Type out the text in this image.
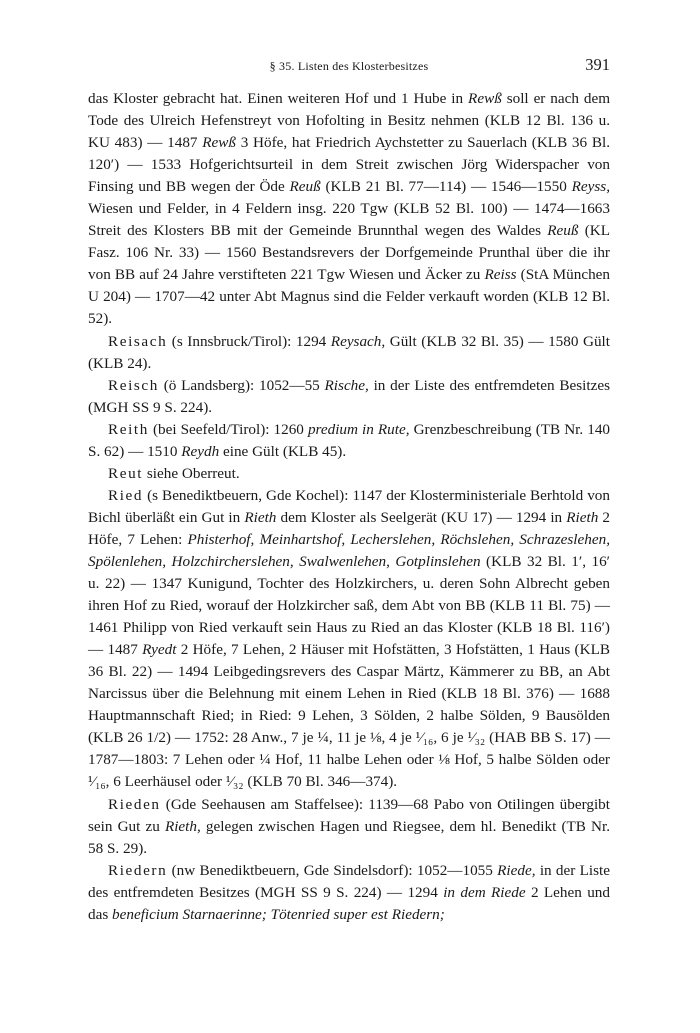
§ 35. Listen des Klosterbesitzes	391

das Kloster gebracht hat. Einen weiteren Hof und 1 Hube in Rewß soll er nach dem Tode des Ulreich Hefenstreyt von Hofolting in Besitz nehmen (KLB 12 Bl. 136 u. KU 483) — 1487 Rewß 3 Höfe, hat Friedrich Aychstetter zu Sauerlach (KLB 36 Bl. 120′) — 1533 Hofgerichtsurteil in dem Streit zwischen Jörg Widerspacher von Finsing und BB wegen der Öde Reuß (KLB 21 Bl. 77—114) — 1546—1550 Reyss, Wiesen und Felder, in 4 Feldern insg. 220 Tgw (KLB 52 Bl. 100) — 1474—1663 Streit des Klosters BB mit der Gemeinde Brunnthal wegen des Waldes Reuß (KL Fasz. 106 Nr. 33) — 1560 Bestandsrevers der Dorfgemeinde Prunthal über die ihr von BB auf 24 Jahre verstifteten 221 Tgw Wiesen und Äcker zu Reiss (StA München U 204) — 1707—42 unter Abt Magnus sind die Felder verkauft worden (KLB 12 Bl. 52).

Reisach (s Innsbruck/Tirol): 1294 Reysach, Gült (KLB 32 Bl. 35) — 1580 Gült (KLB 24).

Reisch (ö Landsberg): 1052—55 Rische, in der Liste des entfremdeten Besitzes (MGH SS 9 S. 224).

Reith (bei Seefeld/Tirol): 1260 predium in Rute, Grenzbeschreibung (TB Nr. 140 S. 62) — 1510 Reydh eine Gült (KLB 45).

Reut siehe Oberreut.

Ried (s Benediktbeuern, Gde Kochel): 1147 der Klosterministeriale Berhtold von Bichl überläßt ein Gut in Rieth dem Kloster als Seelgerät (KU 17) — 1294 in Rieth 2 Höfe, 7 Lehen: Phisterhof, Meinhartshof, Lecherslehen, Röchslehen, Schrazeslehen, Spölenlehen, Holzchircherslehen, Swalwenlehen, Gotplinslehen (KLB 32 Bl. 1′, 16′ u. 22) — 1347 Kunigund, Tochter des Holzkirchers, u. deren Sohn Albrecht geben ihren Hof zu Ried, worauf der Holzkircher saß, dem Abt von BB (KLB 11 Bl. 75) — 1461 Philipp von Ried verkauft sein Haus zu Ried an das Kloster (KLB 18 Bl. 116′) — 1487 Ryedt 2 Höfe, 7 Lehen, 2 Häuser mit Hofstätten, 3 Hofstätten, 1 Haus (KLB 36 Bl. 22) — 1494 Leibgedingsrevers des Caspar Märtz, Kämmerer zu BB, an Abt Narcissus über die Belehnung mit einem Lehen in Ried (KLB 18 Bl. 376) — 1688 Hauptmannschaft Ried; in Ried: 9 Lehen, 3 Sölden, 2 halbe Sölden, 9 Bausölden (KLB 26 1/2) — 1752: 28 Anw., 7 je ¼, 11 je ⅛, 4 je ¹⁄₁₆, 6 je ¹⁄₃₂ (HAB BB S. 17) — 1787—1803: 7 Lehen oder ¼ Hof, 11 halbe Lehen oder ⅛ Hof, 5 halbe Sölden oder ¹⁄₁₆, 6 Leerhäusel oder ¹⁄₃₂ (KLB 70 Bl. 346—374).

Rieden (Gde Seehausen am Staffelsee): 1139—68 Pabo von Otilingen übergibt sein Gut zu Rieth, gelegen zwischen Hagen und Riegsee, dem hl. Benedikt (TB Nr. 58 S. 29).

Riedern (nw Benediktbeuern, Gde Sindelsdorf): 1052—1055 Riede, in der Liste des entfremdeten Besitzes (MGH SS 9 S. 224) — 1294 in dem Riede 2 Lehen und das beneficium Starnaerinne; Tötenried super est Riedern;
